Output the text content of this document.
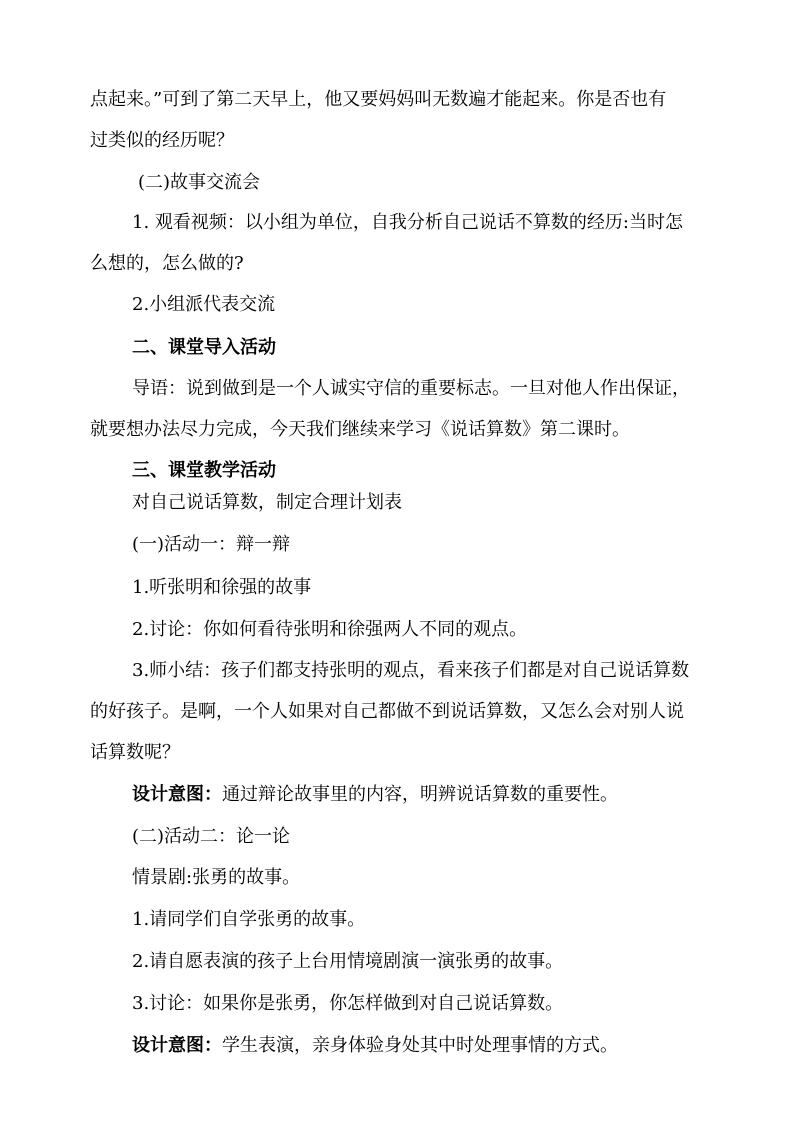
点起来。”可到了第二天早上，他又要妈妈叫无数遍才能起来。你是否也有
过类似的经历呢？
(二)故事交流会
1. 观看视频：以小组为单位，自我分析自己说话不算数的经历:当时怎
么想的，怎么做的?
2.小组派代表交流
二、课堂导入活动
导语：说到做到是一个人诚实守信的重要标志。一旦对他人作出保证，
就要想办法尽力完成，今天我们继续来学习《说话算数》第二课时。
三、课堂教学活动
对自己说话算数，制定合理计划表
(一)活动一：辩一辩
1.听张明和徐强的故事
2.讨论：你如何看待张明和徐强两人不同的观点。
3.师小结：孩子们都支持张明的观点，看来孩子们都是对自己说话算数
的好孩子。是啊，一个人如果对自己都做不到说话算数，又怎么会对别人说
话算数呢？
设计意图：通过辩论故事里的内容，明辨说话算数的重要性。
(二)活动二：论一论
情景剧:张勇的故事。
1.请同学们自学张勇的故事。
2.请自愿表演的孩子上台用情境剧演一演张勇的故事。
3.讨论：如果你是张勇，你怎样做到对自己说话算数。
设计意图：学生表演，亲身体验身处其中时处理事情的方式。
